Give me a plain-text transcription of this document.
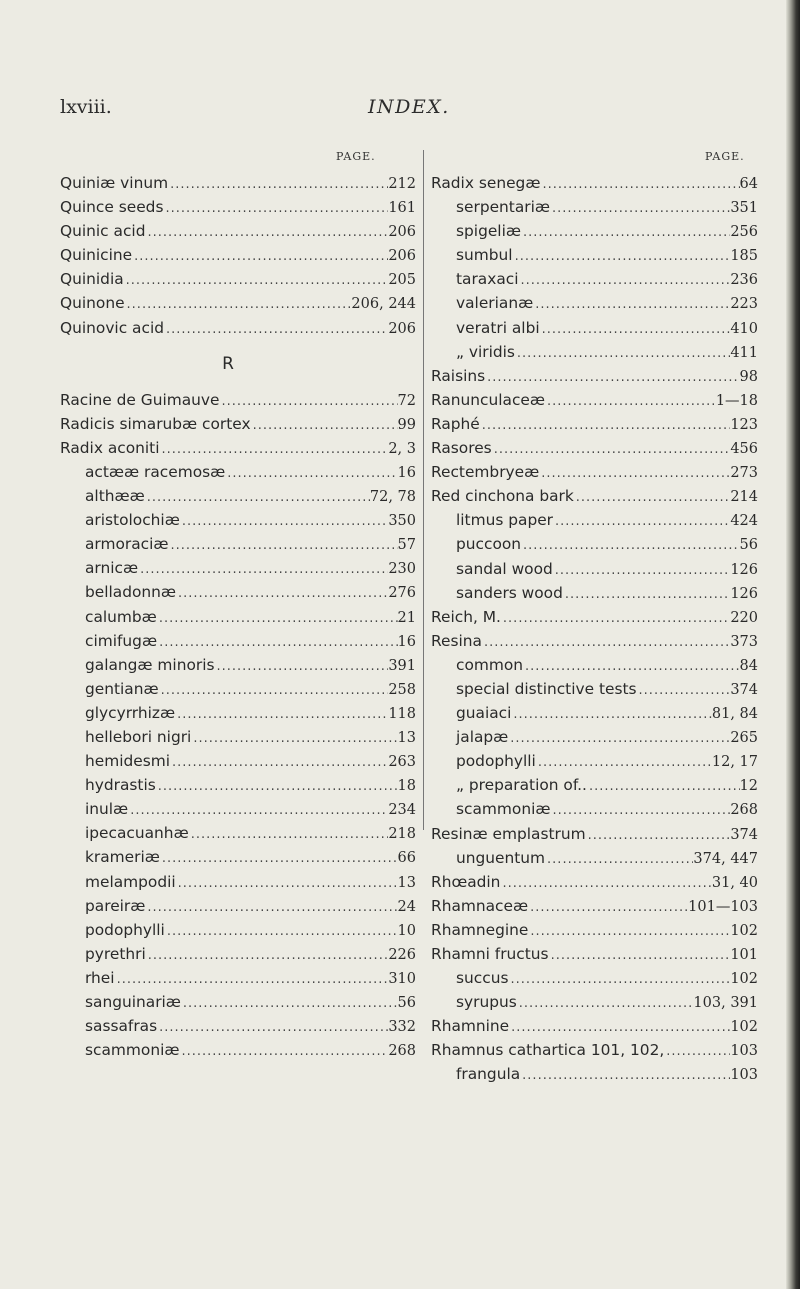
lxviii.	INDEX.
PAGE.	PAGE.
Quiniæ vinum .....	212
Quince seeds .....	161
Quinic acid .....	206
Quinicine .....	206
Quinidia .....	205
Quinone .....	206, 244
Quinovic acid .....	206
R
Racine de Guimauve .....	72
Radicis simarubæ cortex .....	99
Radix aconiti .....	2, 3
actææ racemosæ .....	16
althææ .....	72, 78
aristolochiæ .....	350
armoraciæ .....	57
arnicæ .....	230
belladonnæ .....	276
calumbæ .....	21
cimifugæ .....	16
galangæ minoris .....	391
gentianæ .....	258
glycyrrhizæ .....	118
hellebori nigri .....	13
hemidesmi .....	263
hydrastis .....	18
inulæ .....	234
ipecacuanhæ .....	218
krameriæ .....	66
melampodii .....	13
pareiræ .....	24
podophylli .....	10
pyrethri .....	226
rhei .....	310
sanguinariæ .....	56
sassafras .....	332
scammoniæ .....	268
Radix senegæ .....	64
serpentariæ .....	351
spigeliæ .....	256
sumbul .....	185
taraxaci .....	236
valerianæ .....	223
veratri albi .....	410
„ viridis .....	411
Raisins .....	98
Ranunculaceæ .....	1—18
Raphé .....	123
Rasores .....	456
Rectembryeæ .....	273
Red cinchona bark .....	214
litmus paper .....	424
puccoon .....	56
sandal wood .....	126
sanders wood .....	126
Reich, M. .....	220
Resina .....	373
common .....	84
special distinctive tests .....	374
guaiaci .....	81, 84
jalapæ .....	265
podophylli .....	12, 17
„ preparation of.. .....	12
scammoniæ .....	268
Resinæ emplastrum .....	374
unguentum .....	374, 447
Rhœadin .....	31, 40
Rhamnaceæ .....	101—103
Rhamnegine .....	102
Rhamni fructus .....	101
succus .....	102
syrupus .....	103, 391
Rhamnine .....	102
Rhamnus cathartica 101, 102, .....	103
frangula .....	103
